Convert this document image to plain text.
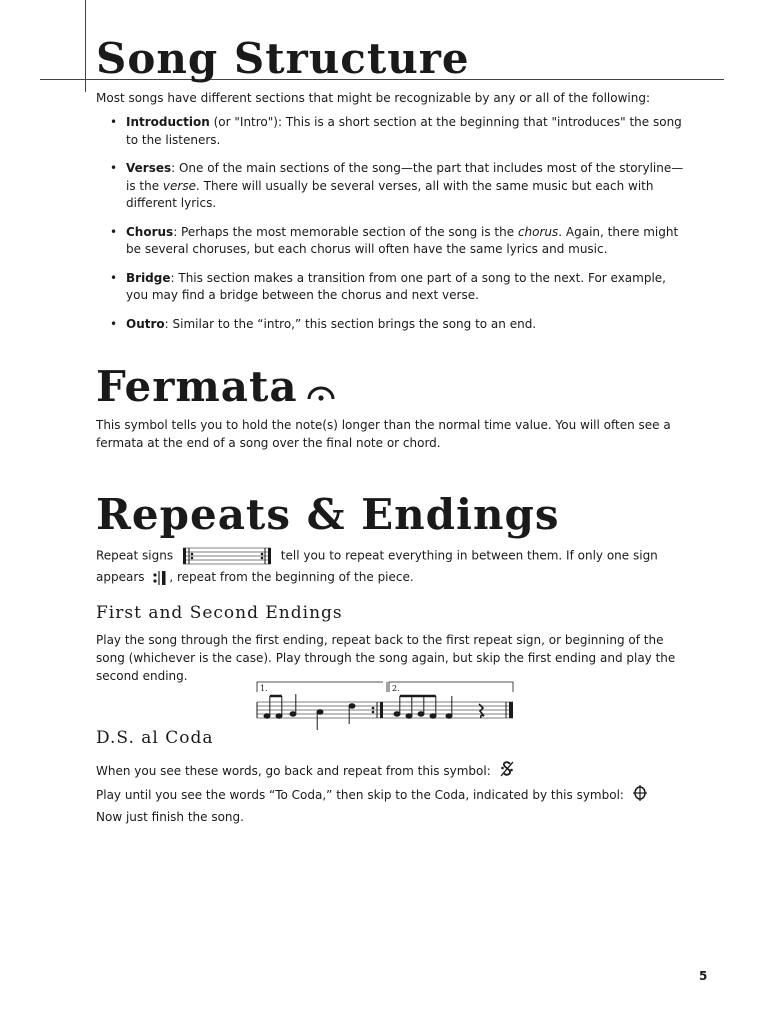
Song Structure

Most songs have different sections that might be recognizable by any or all of the following:

• Introduction (or "Intro"): This is a short section at the beginning that "introduces" the song to the listeners.
• Verses: One of the main sections of the song—the part that includes most of the storyline—is the verse. There will usually be several verses, all with the same music but each with different lyrics.
• Chorus: Perhaps the most memorable section of the song is the chorus. Again, there might be several choruses, but each chorus will often have the same lyrics and music.
• Bridge: This section makes a transition from one part of a song to the next. For example, you may find a bridge between the chorus and next verse.
• Outro: Similar to the “intro,” this section brings the song to an end.
Fermata

This symbol tells you to hold the note(s) longer than the normal time value. You will often see a fermata at the end of a song over the final note or chord.

Repeats & Endings

Repeat signs	tell you to repeat everything in between them. If only one sign
appears , repeat from the beginning of the piece.

First and Second Endings

Play the song through the first ending, repeat back to the first repeat sign, or beginning of the song (whichever is the case). Play through the song again, but skip the first ending and play the second ending.

1.	2.
D.S. al Coda

When you see these words, go back and repeat from this symbol:

Play until you see the words “To Coda,” then skip to the Coda, indicated by this symbol:

Now just finish the song.

5
